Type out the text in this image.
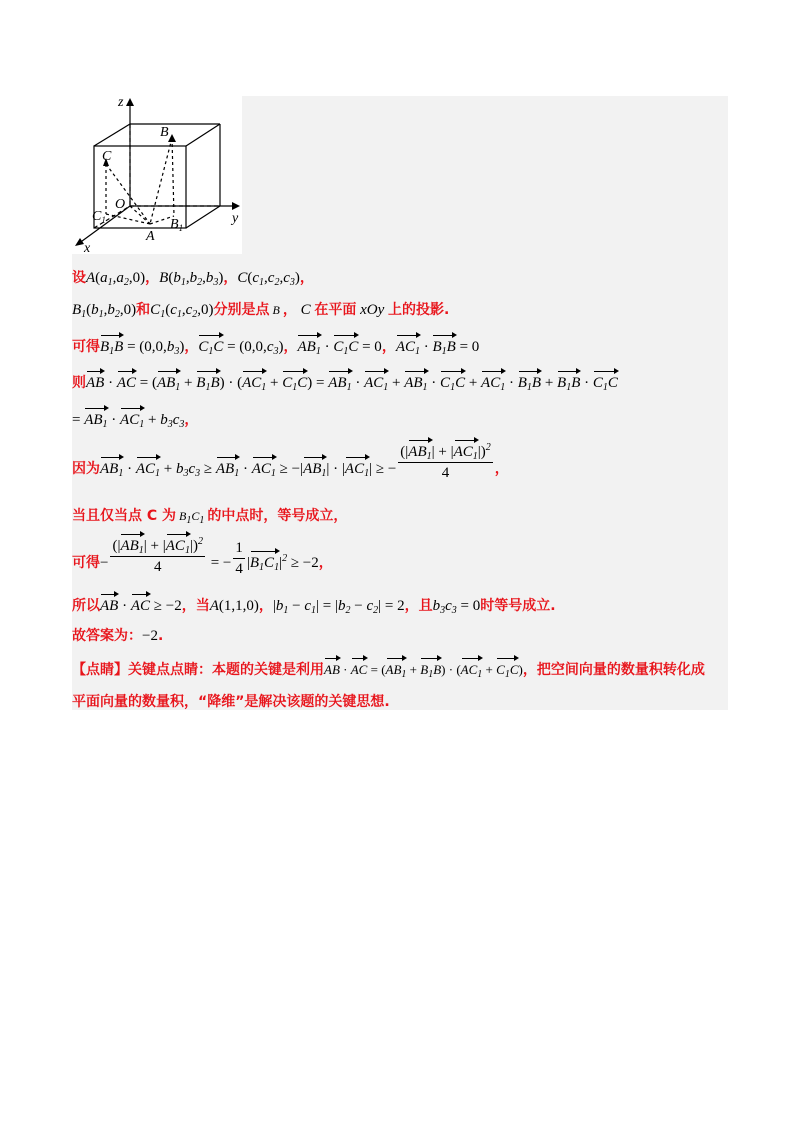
z
y
x
B
C
O
$C_1$
A
$B_1$
设$A(a_1,a_2,0)$，$B(b_1,b_2,b_3)$，$C(c_1,c_2,c_3)$，
$B_1(b_1,b_2,0)$和$C_1(c_1,c_2,0)$分别是点 B ， C 在平面 xOy 上的投影.
可得$B_1B = (0,0,b_3)$，$C_1C = (0,0,c_3)$，$AB_1 \cdot C_1C = 0$，$AC_1 \cdot B_1B = 0$
则AB · AC = $(AB_1 + B_1B) \cdot (AC_1 + C_1C) = AB_1 \cdot AC_1 + AB_1 \cdot C_1C + AC_1 \cdot B_1B + B_1B \cdot C_1C$
= $AB_1 \cdot AC_1 + b_3c_3$，
因为$AB_1 \cdot AC_1 + b_3c_3 \ge AB_1 \cdot AC_1 \ge -|AB_1| \cdot |AC_1|$ ≥ − $\frac{(|AB_1| + |AC_1|)^2}{4}$ ，
当且仅当点 C 为 $B_1C_1$ 的中点时，等号成立，
可得− $\frac{(|AB_1| + |AC_1|)^2}{4}$ = − $\frac{1}{4} |B_1C_1|^2 \ge -2$，
所以AB · AC ≥ −2，当A(1,1,0)，$|b_1 - c_1| = |b_2 - c_2| = 2$，且$b_3c_3 = 0$时等号成立.
故答案为：−2.
【点睛】关键点点睛：本题的关键是利用AB · AC = $(AB_1 + B_1B) \cdot (AC_1 + C_1C)$，把空间向量的数量积转化成
平面向量的数量积，“降维”是解决该题的关键思想.
